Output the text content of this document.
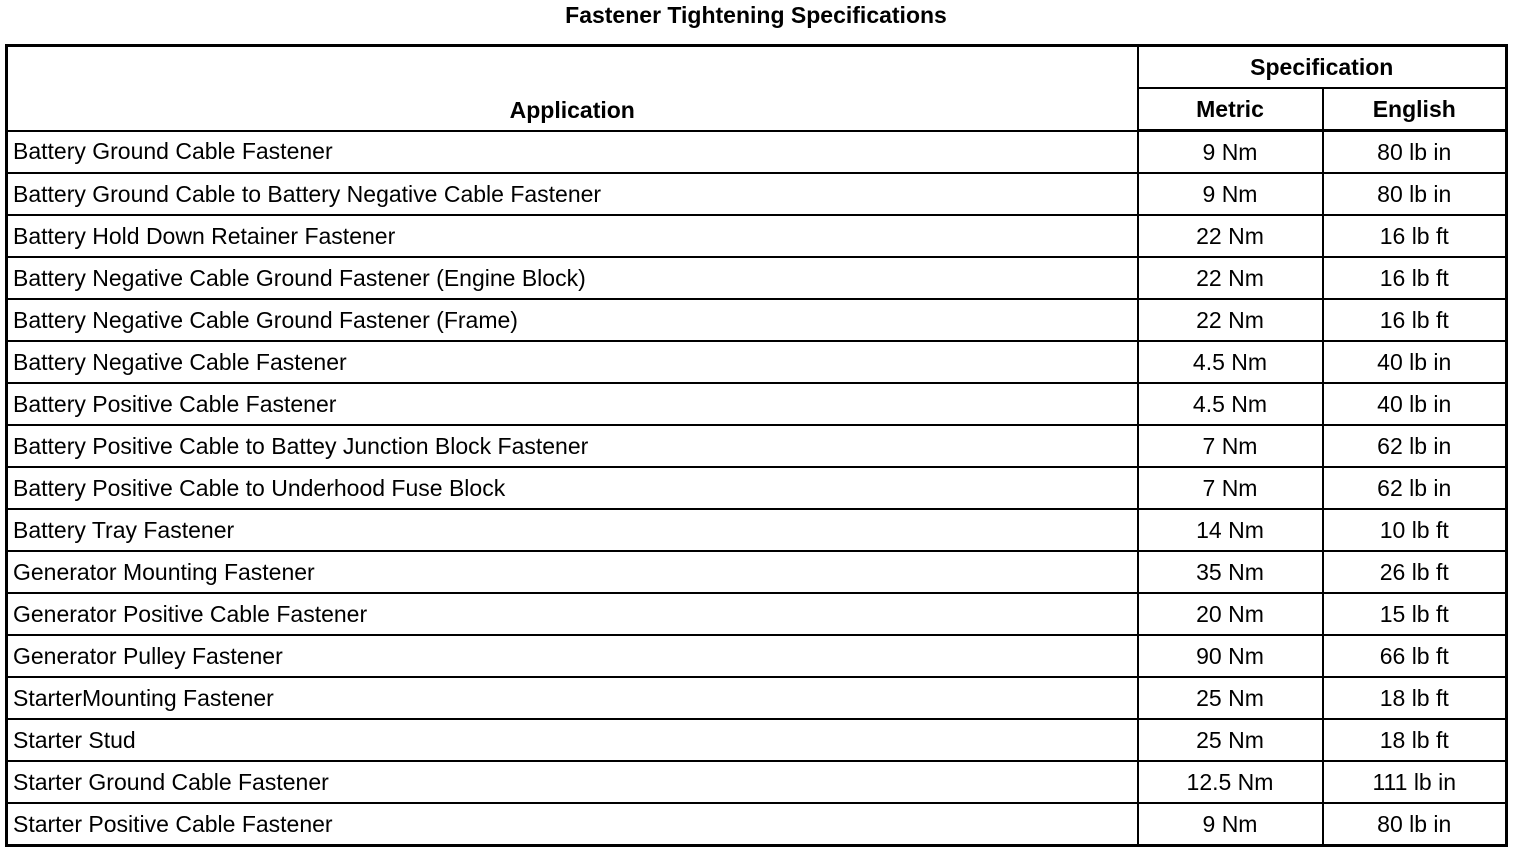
Fastener Tightening Specifications
Application	Specification	
	Metric	English
Battery Ground Cable Fastener	9 Nm	80 lb in
Battery Ground Cable to Battery Negative Cable Fastener	9 Nm	80 lb in
Battery Hold Down Retainer Fastener	22 Nm	16 lb ft
Battery Negative Cable Ground Fastener (Engine Block)	22 Nm	16 lb ft
Battery Negative Cable Ground Fastener (Frame)	22 Nm	16 lb ft
Battery Negative Cable Fastener	4.5 Nm	40 lb in
Battery Positive Cable Fastener	4.5 Nm	40 lb in
Battery Positive Cable to Battey Junction Block Fastener	7 Nm	62 lb in
Battery Positive Cable to Underhood Fuse Block	7 Nm	62 lb in
Battery Tray Fastener	14 Nm	10 lb ft
Generator Mounting Fastener	35 Nm	26 lb ft
Generator Positive Cable Fastener	20 Nm	15 lb ft
Generator Pulley Fastener	90 Nm	66 lb ft
StarterMounting Fastener	25 Nm	18 lb ft
Starter Stud	25 Nm	18 lb ft
Starter Ground Cable Fastener	12.5 Nm	111 lb in
Starter Positive Cable Fastener	9 Nm	80 lb in
